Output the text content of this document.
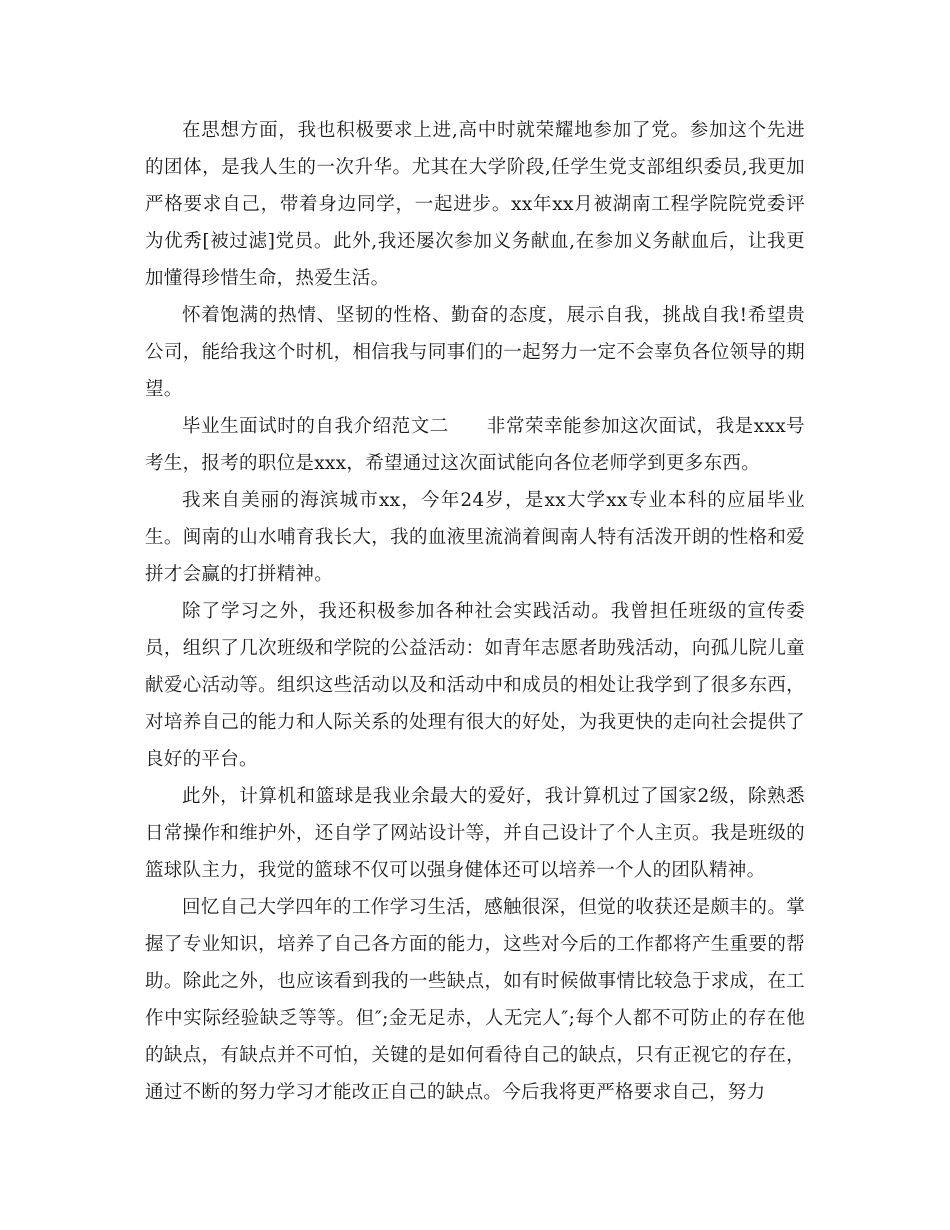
在思想方面，我也积极要求上进,高中时就荣耀地参加了党。参加这个先进的团体，是我人生的一次升华。尤其在大学阶段,任学生党支部组织委员,我更加严格要求自己，带着身边同学，一起进步。xx年xx月被湖南工程学院院党委评为优秀[被过滤]党员。此外,我还屡次参加义务献血,在参加义务献血后，让我更加懂得珍惜生命，热爱生活。

怀着饱满的热情、坚韧的性格、勤奋的态度，展示自我，挑战自我!希望贵公司，能给我这个时机，相信我与同事们的一起努力一定不会辜负各位领导的期望。

毕业生面试时的自我介绍范文二　　非常荣幸能参加这次面试，我是xxx号考生，报考的职位是xxx，希望通过这次面试能向各位老师学到更多东西。

我来自美丽的海滨城市xx，今年24岁，是xx大学xx专业本科的应届毕业生。闽南的山水哺育我长大，我的血液里流淌着闽南人特有活泼开朗的性格和爱拼才会赢的打拼精神。

除了学习之外，我还积极参加各种社会实践活动。我曾担任班级的宣传委员，组织了几次班级和学院的公益活动：如青年志愿者助残活动，向孤儿院儿童献爱心活动等。组织这些活动以及和活动中和成员的相处让我学到了很多东西，对培养自己的能力和人际关系的处理有很大的好处，为我更快的走向社会提供了良好的平台。

此外，计算机和篮球是我业余最大的爱好，我计算机过了国家2级，除熟悉日常操作和维护外，还自学了网站设计等，并自己设计了个人主页。我是班级的篮球队主力，我觉的篮球不仅可以强身健体还可以培养一个人的团队精神。

回忆自己大学四年的工作学习生活，感触很深，但觉的收获还是颇丰的。掌握了专业知识，培养了自己各方面的能力，这些对今后的工作都将产生重要的帮助。除此之外，也应该看到我的一些缺点，如有时候做事情比较急于求成，在工作中实际经验缺乏等等。但″;金无足赤，人无完人″;每个人都不可防止的存在他的缺点，有缺点并不可怕，关键的是如何看待自己的缺点，只有正视它的存在，通过不断的努力学习才能改正自己的缺点。今后我将更严格要求自己，努力
